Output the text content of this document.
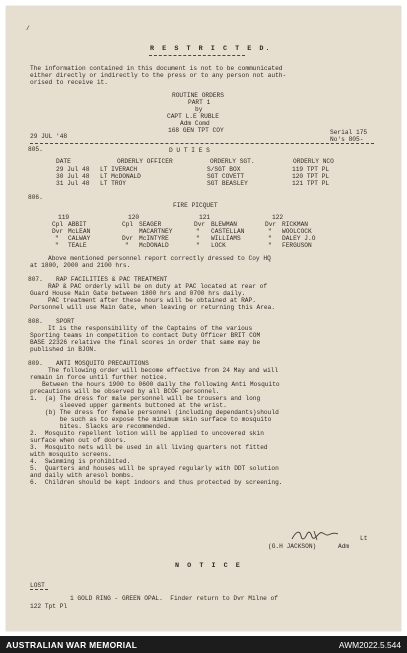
/
R E S T R I C T E D.
The information contained in this document is not to be communicated
either directly or indirectly to the press or to any person not auth-
orised to receive it.
ROUTINE ORDERS
PART 1
by
CAPT L.E RUBLE
Adm Comd
168 GEN TPT COY
29 JUL '48
Serial 175
No's 805-
805.	D U T I E S
DATE	ORDERLY OFFICER	ORDERLY SGT.	ORDERLY NCO
29 Jul 48 LT IVERACH	S/SGT BOX	119 TPT PL
30 Jul 48 LT McDONALD	SGT COVETT	120 TPT PL
31 Jul 48 LT TROY	SGT BEASLEY	121 TPT PL
806.
FIRE PICQUET
119	120	121	122
Cpl ABBIT	Cpl SEAGER	Dvr BLEWMAN	Dvr RICKMAN
Dvr McLEAN	MACARTNEY	" CASTELLAN	" WOOLCOCK
" CALWAY	Dvr McINTYRE	" WILLIAMS	" DALEY J.O
" TEALE	" McDONALD	" LOCK	" FERGUSON
Above mentioned personnel report correctly dressed to Coy HQ
at 1800, 2000 and 2100 hrs.
807. RAP FACILITIES & PAC TREATMENT
RAP & PAC orderly will be on duty at PAC located at rear of
Guard House Main Gate between 1800 hrs and 0700 hrs daily.
PAC treatment after these hours will be obtained at RAP.
Personnel will use Main Gate, when leaving or returning this Area.
808. SPORT
It is the responsibility of the Captains of the various
Sporting teams in competition to contact Duty Officer BRIT COM
BASE 22326 relative the final scores in order that same may be
published in BJON.
809. ANTI MOSQUITO PRECAUTIONS
The following order will become effective from 24 May and will
remain in force until further notice.
Between the hours 1900 to 0600 daily the following Anti Mosquito
precautions will be observed by all BCOF personnel.
1.  (a) The dress for male personnel will be trousers and long
sleeved upper garments buttoned at the wrist.
(b) The dress for female personnel (including dependants)should
be such as to expose the minimum skin surface to mosquito
bites. Slacks are recommended.
2.  Mosquito repellent lotion will be applied to uncovered skin
surface when out of doors.
3.  Mosquito nets will be used in all living quarters not fitted
with mosquito screens.
4.  Swimming is prohibited.
5.  Quarters and houses will be sprayed regularly with DDT solution
and daily with aresol bombs.
6.  Children should be kept indoors and thus protected by screening.
Lt
(G.H JACKSON)	Adm
N O T I C E
LOST
1 GOLD RING - GREEN OPAL.  Finder return to Dvr Milne of
122 Tpt Pl
AUSTRALIAN WAR MEMORIAL	AWM2022.5.544
